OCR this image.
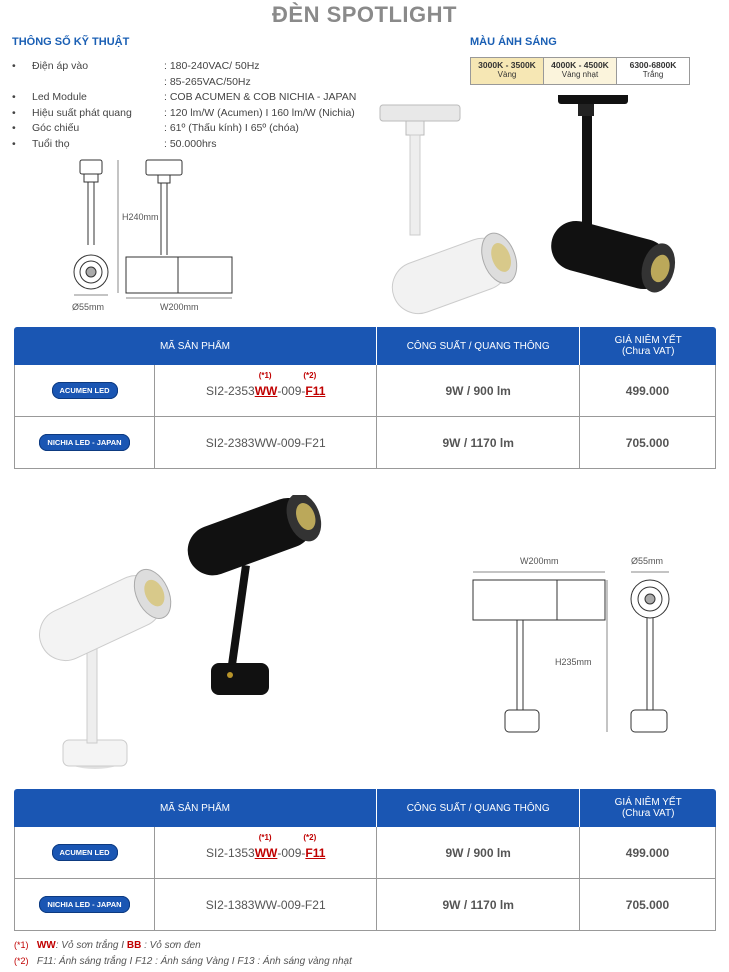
ĐÈN SPOTLIGHT
THÔNG SỐ KỸ THUẬT
• Điện áp vào	: 180-240VAC/ 50Hz
: 85-265VAC/50Hz
• Led Module	: COB ACUMEN & COB NICHIA - JAPAN
• Hiệu suất phát quang	: 120 lm/W (Acumen) I 160 lm/W (Nichia)
• Góc chiếu	: 61º (Thấu kính) I 65º (chóa)
• Tuổi thọ	: 50.000hrs
MÀU ÁNH SÁNG
3000K - 3500K
Vàng
4000K - 4500K
Vàng nhạt
6300-6800K
Trắng
H240mm
W200mm
Ø55mm
MÃ SẢN PHẨM	CÔNG SUẤT / QUANG THÔNG	GIÁ NIÊM YẾT
(Chưa VAT)
ACUMEN LED	SI2-2353
(*1)
WW-009-
(*2)
F11	9W / 900 lm	499.000
NICHIA LED - JAPAN	SI2-2383WW-009-F21	9W / 1170 lm	705.000
W200mm	Ø55mm
H235mm
MÃ SẢN PHẨM	CÔNG SUẤT / QUANG THÔNG	GIÁ NIÊM YẾT
(Chưa VAT)
ACUMEN LED	SI2-1353
(*1)
WW-009-
(*2)
F11	9W / 900 lm	499.000
NICHIA LED - JAPAN	SI2-1383WW-009-F21	9W / 1170 lm	705.000
(*1) WW: Vỏ sơn trắng I BB : Vỏ sơn đen
(*2) F11: Ánh sáng trắng I F12 : Ánh sáng Vàng I F13 : Ánh sáng vàng nhạt
